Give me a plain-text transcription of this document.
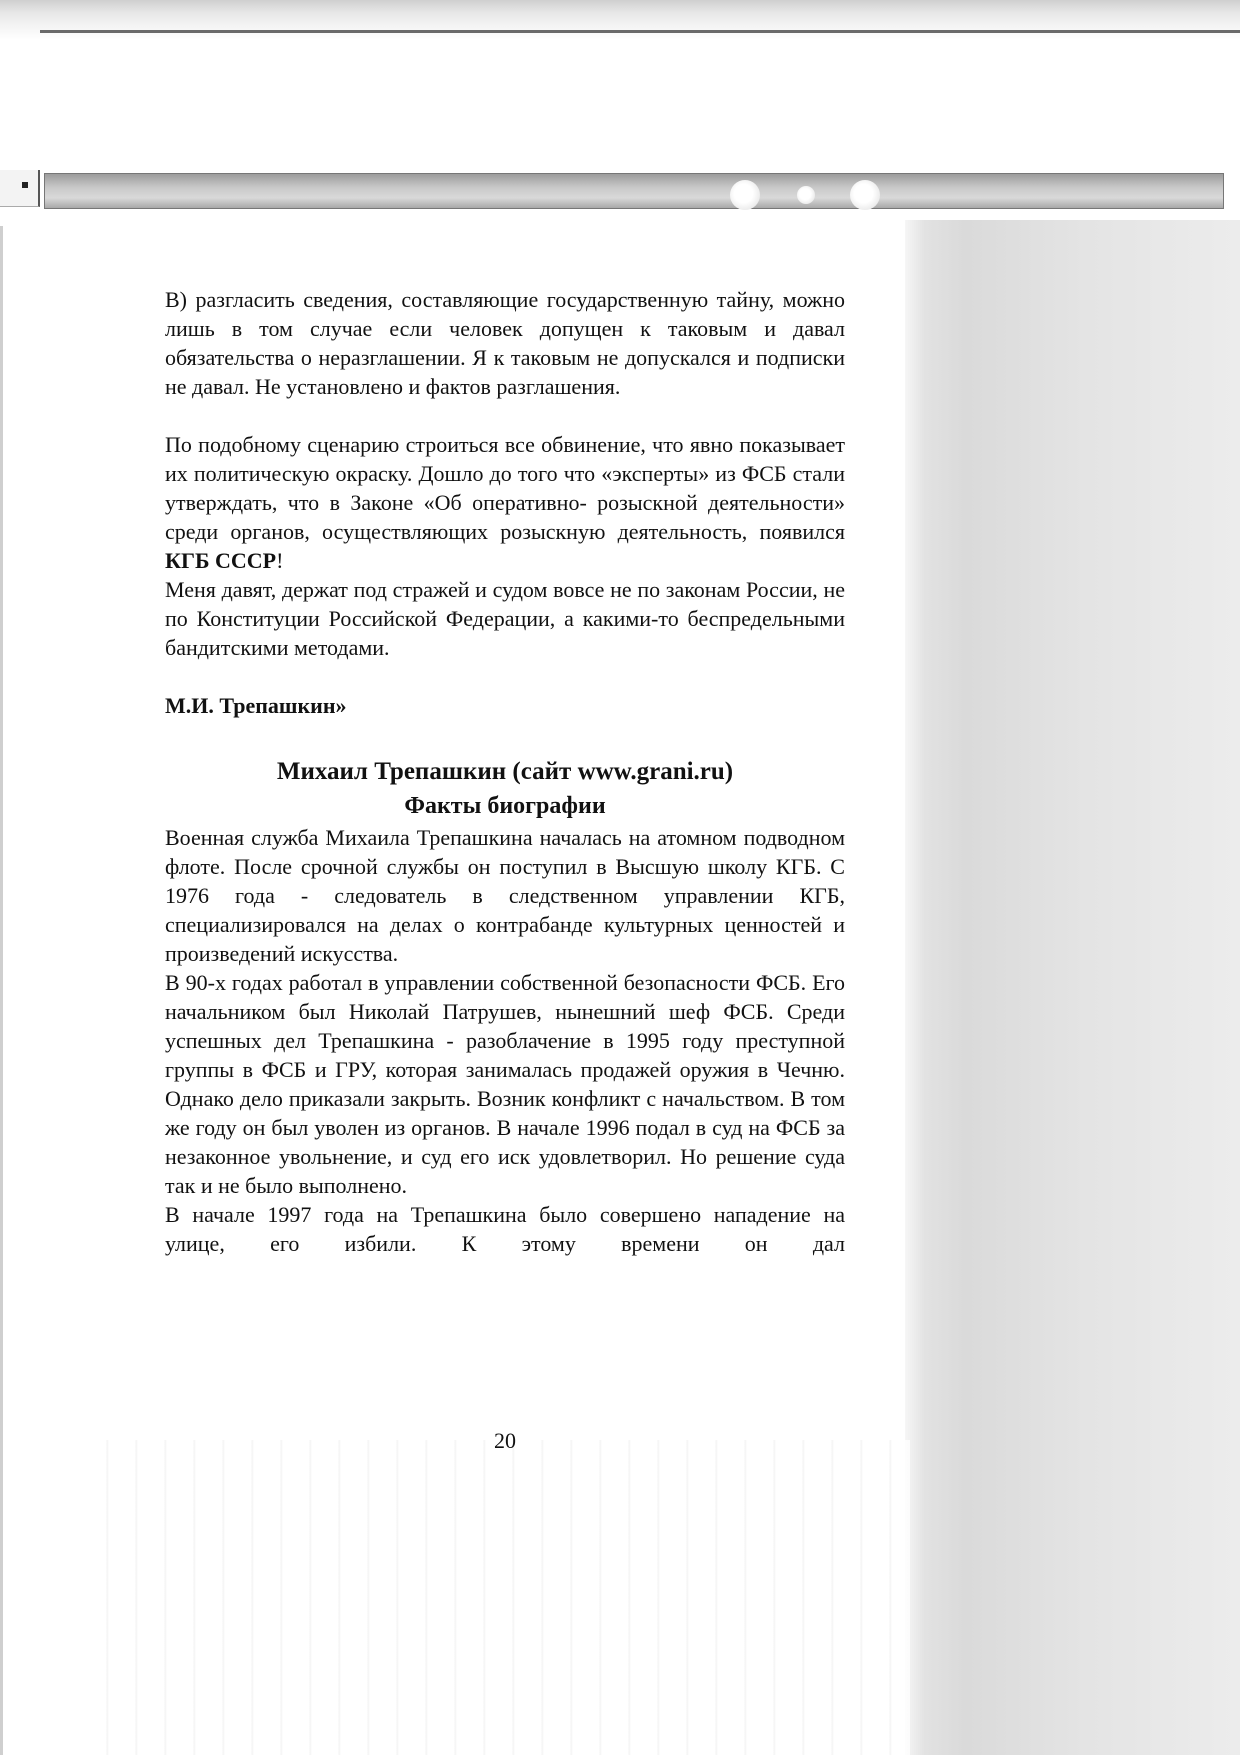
В) разгласить сведения, составляющие государственную тайну, можно лишь в том случае если человек допущен к таковым и давал обязательства о неразглашении. Я к таковым не допускался и подписки не давал. Не установлено и фактов разглашения.

По подобному сценарию строиться все обвинение, что явно показывает их политическую окраску. Дошло до того что «эксперты» из ФСБ стали утверждать, что в Законе «Об оперативно- розыскной деятельности» среди органов, осуществляющих розыскную деятельность, появился КГБ СССР!

Меня давят, держат под стражей и судом вовсе не по законам России, не по Конституции Российской Федерации, а какими-то беспредельными бандитскими методами.

М.И. Трепашкин»

Михаил Трепашкин (сайт www.grani.ru)
Факты биографии

Военная служба Михаила Трепашкина началась на атомном подводном флоте. После срочной службы он поступил в Высшую школу КГБ. С 1976 года - следователь в следственном управлении КГБ, специализировался на делах о контрабанде культурных ценностей и произведений искусства.

В 90-х годах работал в управлении собственной безопасности ФСБ. Его начальником был Николай Патрушев, нынешний шеф ФСБ. Среди успешных дел Трепашкина - разоблачение в 1995 году преступной группы в ФСБ и ГРУ, которая занималась продажей оружия в Чечню. Однако дело приказали закрыть. Возник конфликт с начальством. В том же году он был уволен из органов. В начале 1996 подал в суд на ФСБ за незаконное увольнение, и суд его иск удовлетворил. Но решение суда так и не было выполнено.

В начале 1997 года на Трепашкина было совершено нападение на улице, его избили. К этому времени он дал

20
